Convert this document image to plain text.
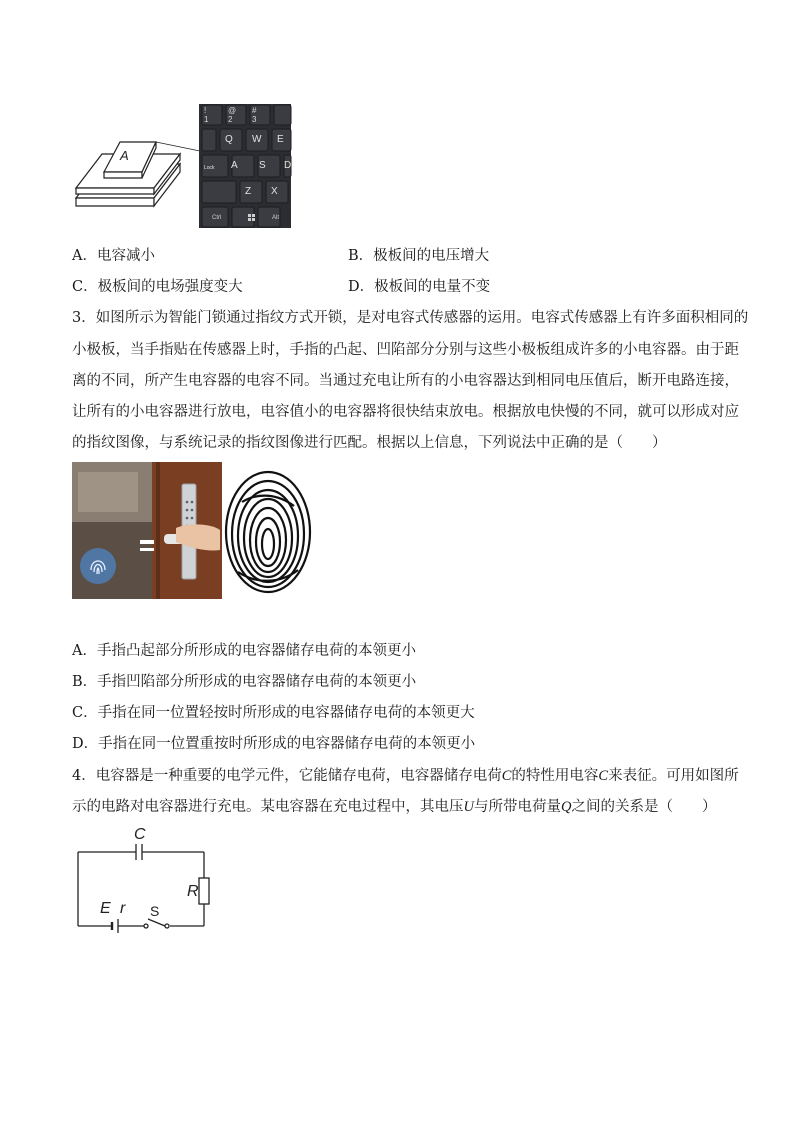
A
!
1
@
2
#
3
Q W E
Lock A S D
Z X
Ctrl	Alt
A．电容减小	B．极板间的电压增大
C．极板间的电场强度变大	D．极板间的电量不变
3．如图所示为智能门锁通过指纹方式开锁，是对电容式传感器的运用。电容式传感器上有许多面积相同的
小极板，当手指贴在传感器上时，手指的凸起、凹陷部分分别与这些小极板组成许多的小电容器。由于距
离的不同，所产生电容器的电容不同。当通过充电让所有的小电容器达到相同电压值后，断开电路连接，
让所有的小电容器进行放电，电容值小的电容器将很快结束放电。根据放电快慢的不同，就可以形成对应
的指纹图像，与系统记录的指纹图像进行匹配。根据以上信息，下列说法中正确的是（　　）
A．手指凸起部分所形成的电容器储存电荷的本领更小
B．手指凹陷部分所形成的电容器储存电荷的本领更小
C．手指在同一位置轻按时所形成的电容器储存电荷的本领更大
D．手指在同一位置重按时所形成的电容器储存电荷的本领更小
4．电容器是一种重要的电学元件，它能储存电荷，电容器储存电荷C的特性用电容C来表征。可用如图所
示的电路对电容器进行充电。某电容器在充电过程中，其电压U与所带电荷量Q之间的关系是（　　）
C
R
E r S
